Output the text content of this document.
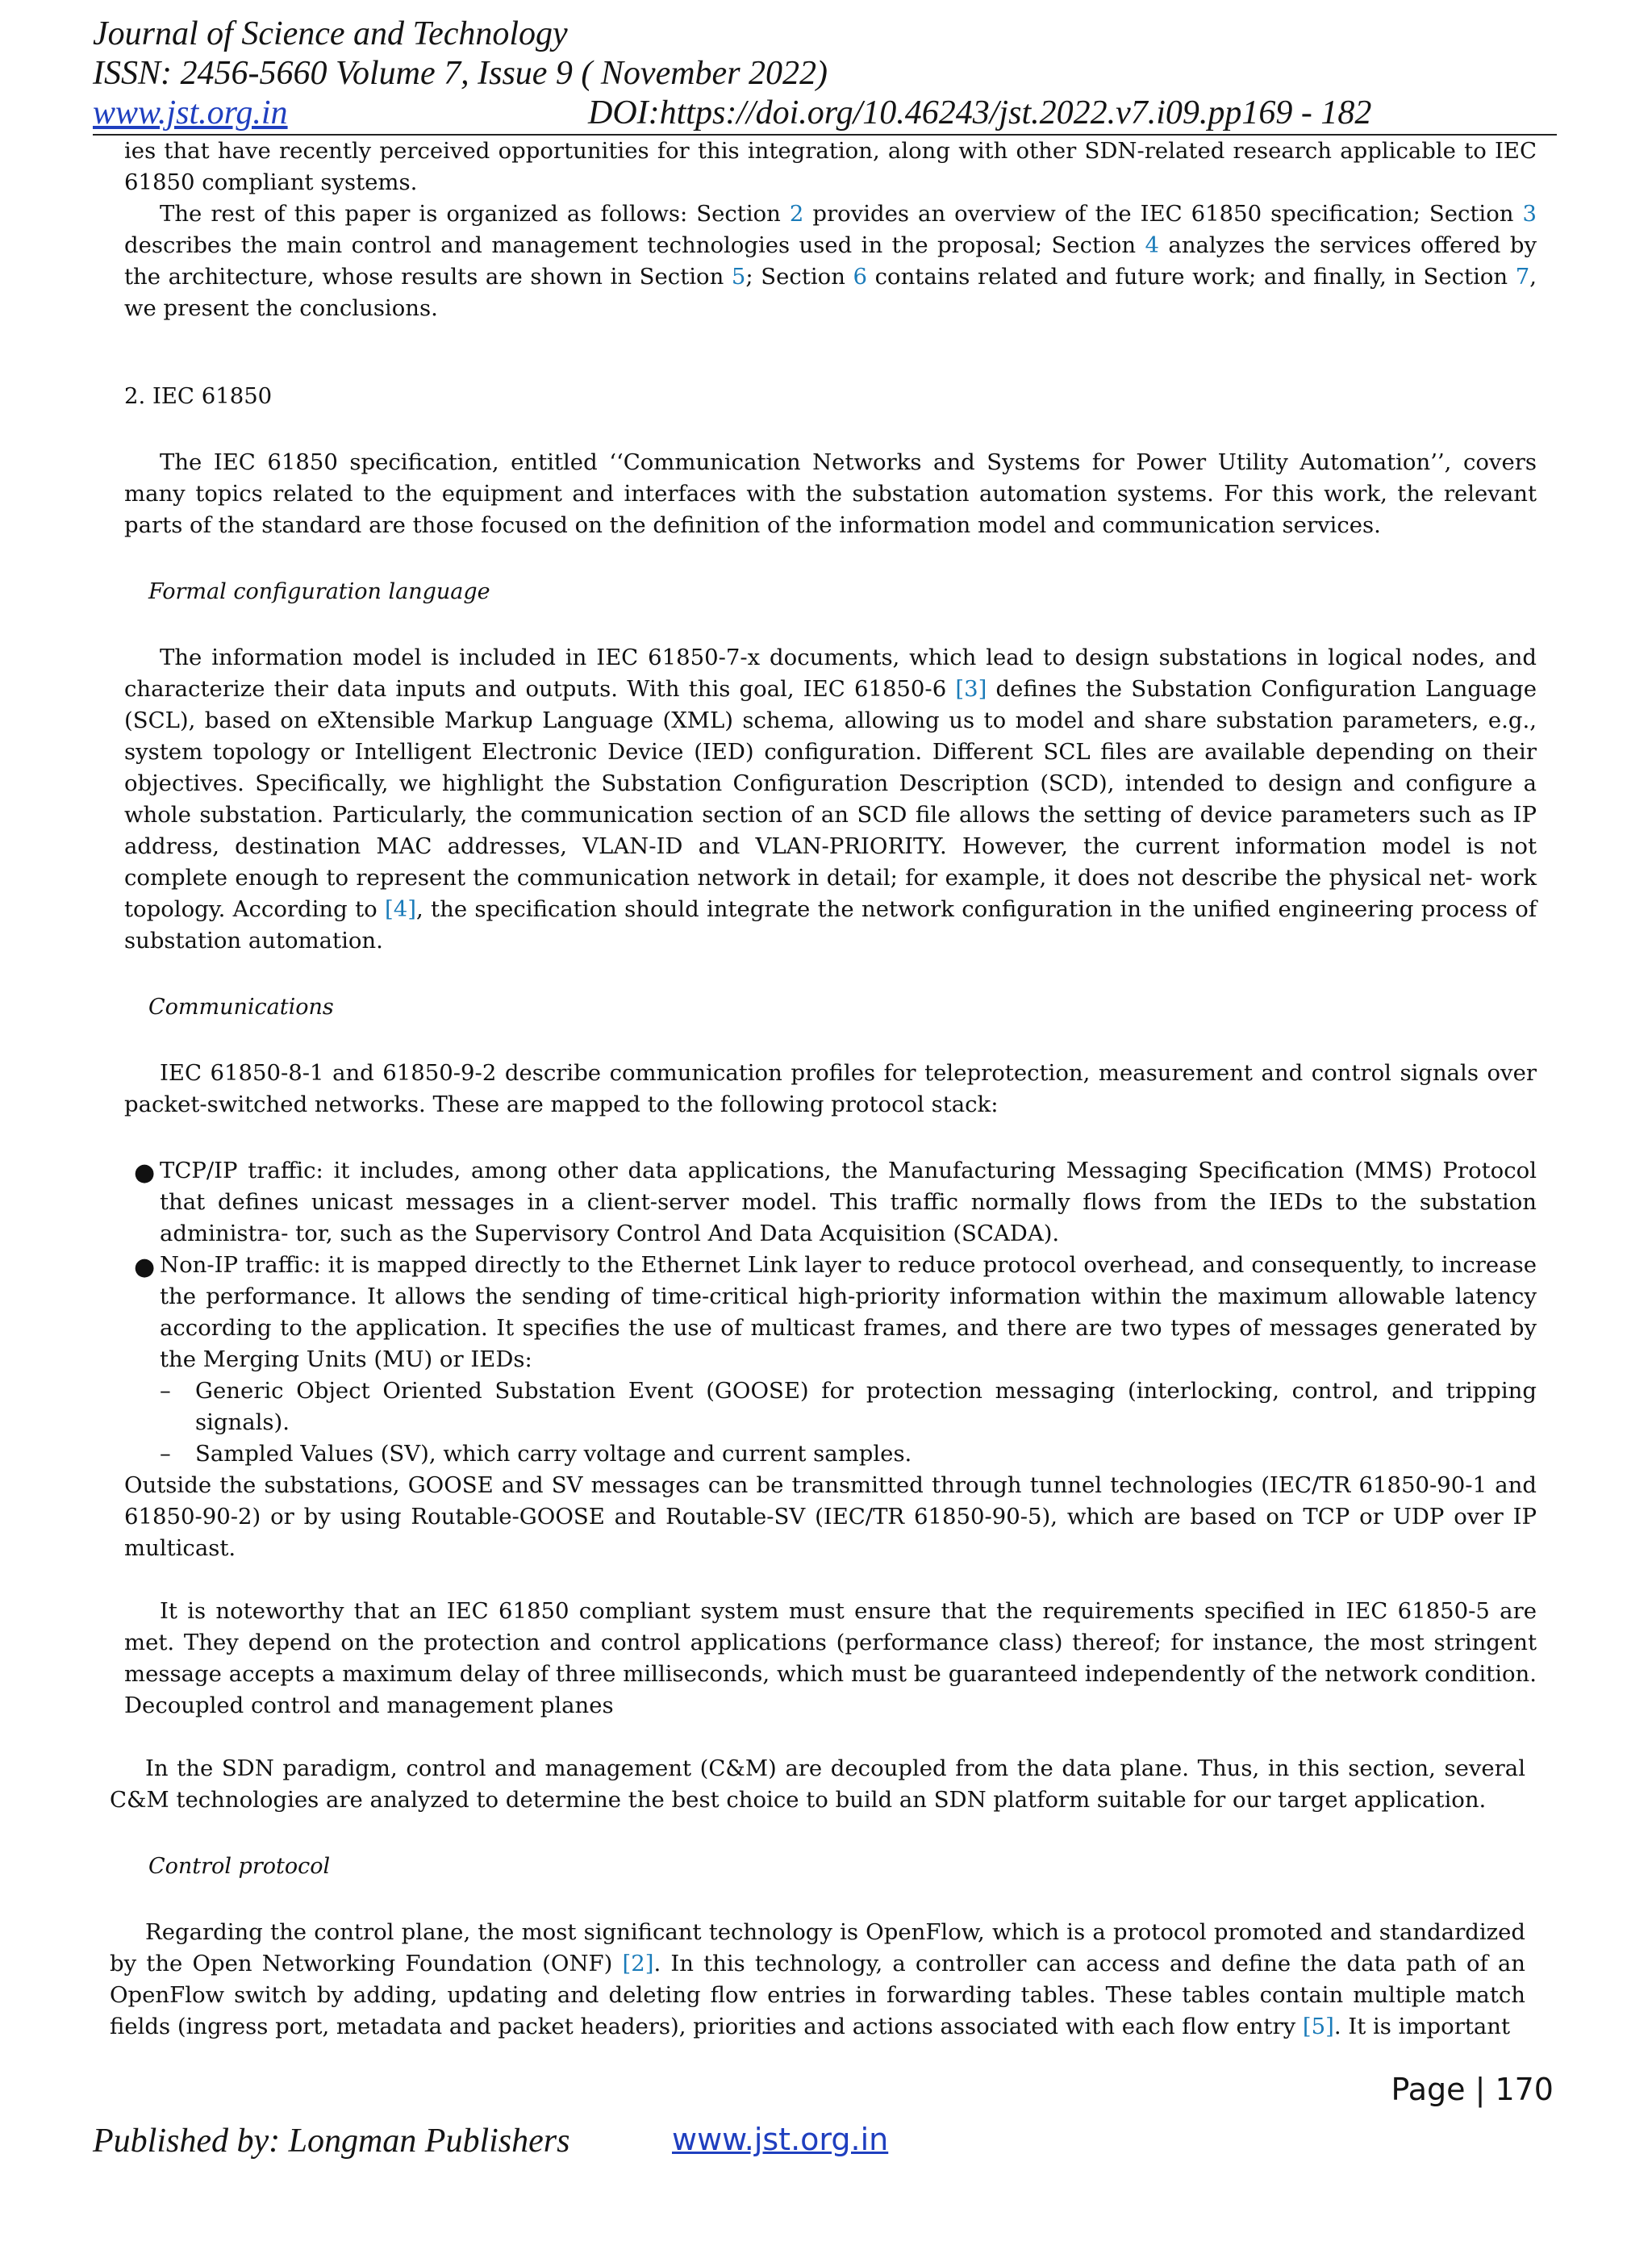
Journal of Science and Technology
ISSN: 2456-5660 Volume 7, Issue 9 ( November 2022)
www.jst.org.in	DOI:https://doi.org/10.46243/jst.2022.v7.i09.pp169 - 182

ies that have recently perceived opportunities for this integration, along with other SDN-related research applicable to IEC 61850 compliant systems.

The rest of this paper is organized as follows: Section 2 provides an overview of the IEC 61850 specification; Section 3 describes the main control and management technologies used in the proposal; Section 4 analyzes the services offered by the architecture, whose results are shown in Section 5; Section 6 contains related and future work; and finally, in Section 7, we present the conclusions.

2. IEC 61850

The IEC 61850 specification, entitled ‘‘Communication Networks and Systems for Power Utility Automation’’, covers many topics related to the equipment and interfaces with the substation automation systems. For this work, the relevant parts of the standard are those focused on the definition of the information model and communication services.

Formal configuration language

The information model is included in IEC 61850-7-x documents, which lead to design substations in logical nodes, and characterize their data inputs and outputs. With this goal, IEC 61850-6 [3] defines the Substation Configuration Language (SCL), based on eXtensible Markup Language (XML) schema, allowing us to model and share substation parameters, e.g., system topology or Intelligent Electronic Device (IED) configuration. Different SCL files are available depending on their objectives. Specifically, we highlight the Substation Configuration Description (SCD), intended to design and configure a whole substation. Particularly, the communication section of an SCD file allows the setting of device parameters such as IP address, destination MAC addresses, VLAN-ID and VLAN-PRIORITY. However, the current information model is not complete enough to represent the communication network in detail; for example, it does not describe the physical net- work topology. According to [4], the specification should integrate the network configuration in the unified engineering process of substation automation.

Communications

IEC 61850-8-1 and 61850-9-2 describe communication profiles for teleprotection, measurement and control signals over packet-switched networks. These are mapped to the following protocol stack:

● TCP/IP traffic: it includes, among other data applications, the Manufacturing Messaging Specification (MMS) Protocol that defines unicast messages in a client-server model. This traffic normally flows from the IEDs to the substation administra- tor, such as the Supervisory Control And Data Acquisition (SCADA).
● Non-IP traffic: it is mapped directly to the Ethernet Link layer to reduce protocol overhead, and consequently, to increase the performance. It allows the sending of time-critical high-priority information within the maximum allowable latency according to the application. It specifies the use of multicast frames, and there are two types of messages generated by the Merging Units (MU) or IEDs:
– Generic Object Oriented Substation Event (GOOSE) for protection messaging (interlocking, control, and tripping signals).
– Sampled Values (SV), which carry voltage and current samples.

Outside the substations, GOOSE and SV messages can be transmitted through tunnel technologies (IEC/TR 61850-90-1 and 61850-90-2) or by using Routable-GOOSE and Routable-SV (IEC/TR 61850-90-5), which are based on TCP or UDP over IP multicast.

It is noteworthy that an IEC 61850 compliant system must ensure that the requirements specified in IEC 61850-5 are met. They depend on the protection and control applications (performance class) thereof; for instance, the most stringent message accepts a maximum delay of three milliseconds, which must be guaranteed independently of the network condition. Decoupled control and management planes

In the SDN paradigm, control and management (C&M) are decoupled from the data plane. Thus, in this section, several C&M technologies are analyzed to determine the best choice to build an SDN platform suitable for our target application.

Control protocol

Regarding the control plane, the most significant technology is OpenFlow, which is a protocol promoted and standardized by the Open Networking Foundation (ONF) [2]. In this technology, a controller can access and define the data path of an OpenFlow switch by adding, updating and deleting flow entries in forwarding tables. These tables contain multiple match fields (ingress port, metadata and packet headers), priorities and actions associated with each flow entry [5]. It is important

Page | 170
Published by: Longman Publishers	www.jst.org.in
